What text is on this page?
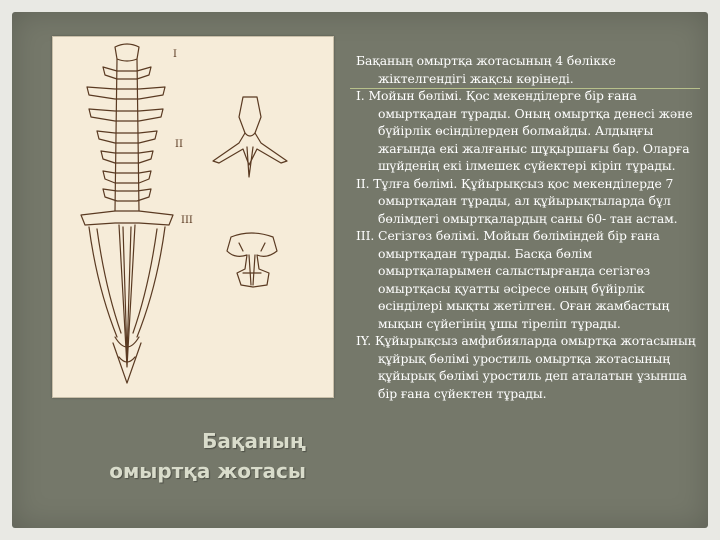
I
II
III
Бақаның
омыртқа жотасы

Бақаның омыртқа жотасының 4 бөлікке жіктелгендігі жақсы көрінеді.

I. Мойын бөлімі. Қос мекенділерге бір ғана омыртқадан тұрады. Оның омыртқа денесі және бүйірлік өсінділерден болмайды. Алдыңғы жағында екі жалғаныс шұқыршағы бар. Оларға шүйденің екі ілмешек сүйектері кіріп тұрады.

II. Тұлға бөлімі. Құйырықсыз қос мекенділерде 7 омыртқадан тұрады, ал құйырықтыларда бұл бөлімдегі омыртқалардың саны 60- тан астам.

III. Сегізгөз бөлімі. Мойын бөліміндей бір ғана омыртқадан тұрады. Басқа бөлім омыртқаларымен салыстырғанда сегізгөз омыртқасы қуатты әсіресе оның бүйірлік өсінділері мықты жетілген. Оған жамбастың мықын сүйегінің ұшы тіреліп тұрады.

IY. Құйырықсыз амфибияларда омыртқа жотасының құйрық бөлімі уростиль омыртқа жотасының құйырық бөлімі уростиль деп аталатын ұзынша бір ғана сүйектен тұрады.
